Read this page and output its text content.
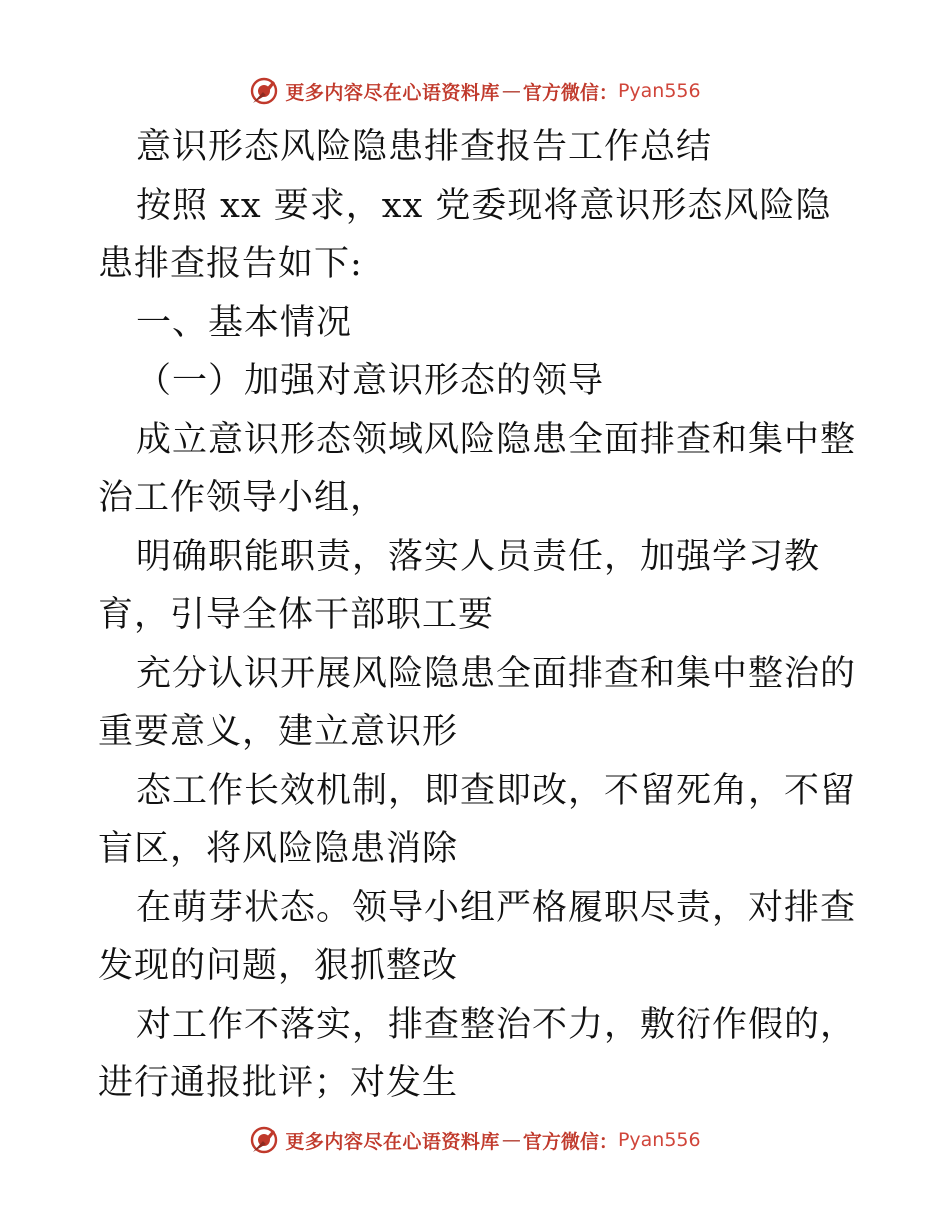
更多内容尽在心语资料库 — 官方微信： Pyan556

意识形态风险隐患排查报告工作总结

按照 xx 要求，xx 党委现将意识形态风险隐患排查报告如下:

一、基本情况

（一）加强对意识形态的领导

成立意识形态领域风险隐患全面排查和集中整治工作领导小组，

明确职能职责，落实人员责任，加强学习教育，引导全体干部职工要

充分认识开展风险隐患全面排查和集中整治的重要意义，建立意识形

态工作长效机制，即查即改，不留死角，不留盲区，将风险隐患消除

在萌芽状态。领导小组严格履职尽责，对排查发现的问题，狠抓整改

对工作不落实，排查整治不力，敷衍作假的，进行通报批评；对发生

更多内容尽在心语资料库 — 官方微信： Pyan556
